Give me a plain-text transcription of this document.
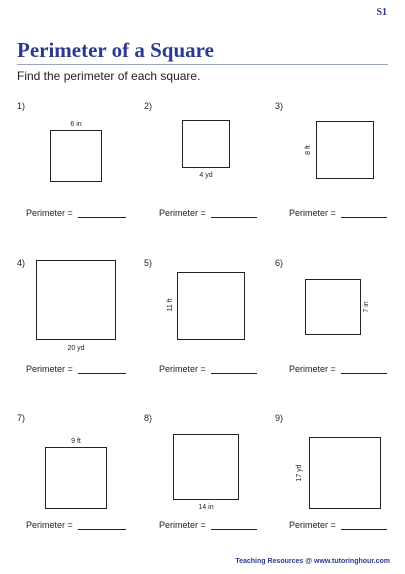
S1
Perimeter of a Square
Find the perimeter of each square.
1)
6 in
Perimeter =
2)
4 yd
Perimeter =
3)
8 ft
Perimeter =
4)
20 yd
Perimeter =
5)
11 ft
Perimeter =
6)
7 in
Perimeter =
7)
9 ft
Perimeter =
8)
14 in
Perimeter =
9)
17 yd
Perimeter =
Teaching Resources @ www.tutoringhour.com
